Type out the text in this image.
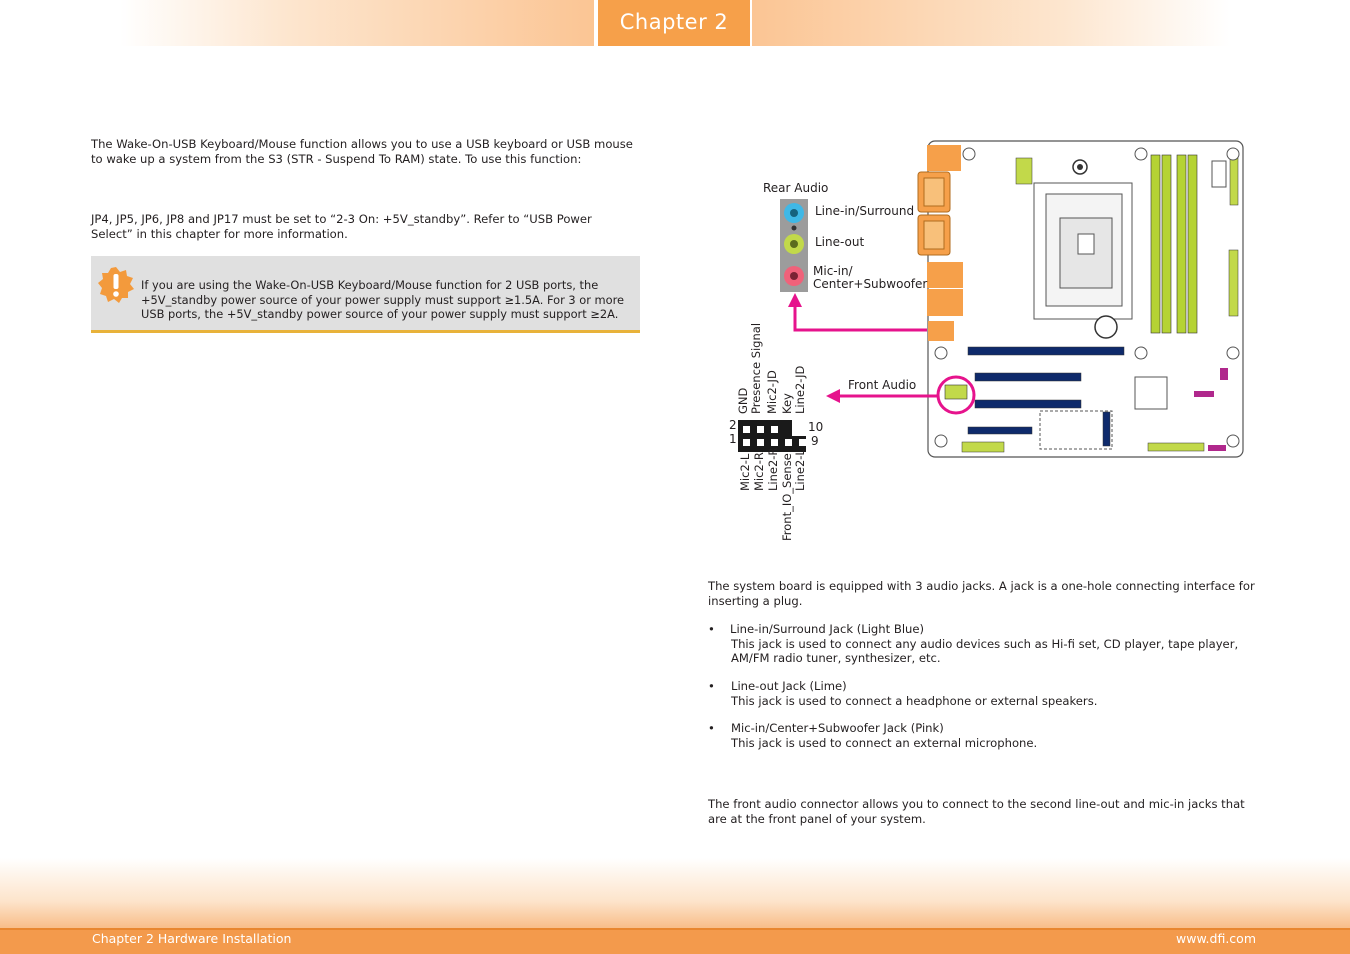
Chapter 2
The Wake-On-USB Keyboard/Mouse function allows you to use a USB keyboard or USB mouse to wake up a system from the S3 (STR - Suspend To RAM) state. To use this function:
JP4, JP5, JP6, JP8 and JP17 must be set to “2-3 On: +5V_standby”. Refer to “USB Power Select” in this chapter for more information.
If you are using the Wake-On-USB Keyboard/Mouse function for 2 USB ports, the +5V_standby power source of your power supply must support ≥1.5A. For 3 or more USB ports, the +5V_standby power source of your power supply must support ≥2A.
Rear Audio
Line-in/Surround
Line-out
Mic-in/
Center+Subwoofer
Front Audio
2
1
10
9
GND Presence Signal Mic2-JD Key Line2-JD
Mic2-L Mic2-R Line2-R Front_IO_Sense Line2-L
The system board is equipped with 3 audio jacks. A jack is a one-hole connecting interface for inserting a plug.
•	Line-in/Surround Jack (Light Blue)
This jack is used to connect any audio devices such as Hi-fi set, CD player, tape player, AM/FM radio tuner, synthesizer, etc.
•	Line-out Jack (Lime)
This jack is used to connect a headphone or external speakers.
•	Mic-in/Center+Subwoofer Jack (Pink)
This jack is used to connect an external microphone.
The front audio connector allows you to connect to the second line-out and mic-in jacks that are at the front panel of your system.
Chapter 2 Hardware Installation	www.dfi.com
